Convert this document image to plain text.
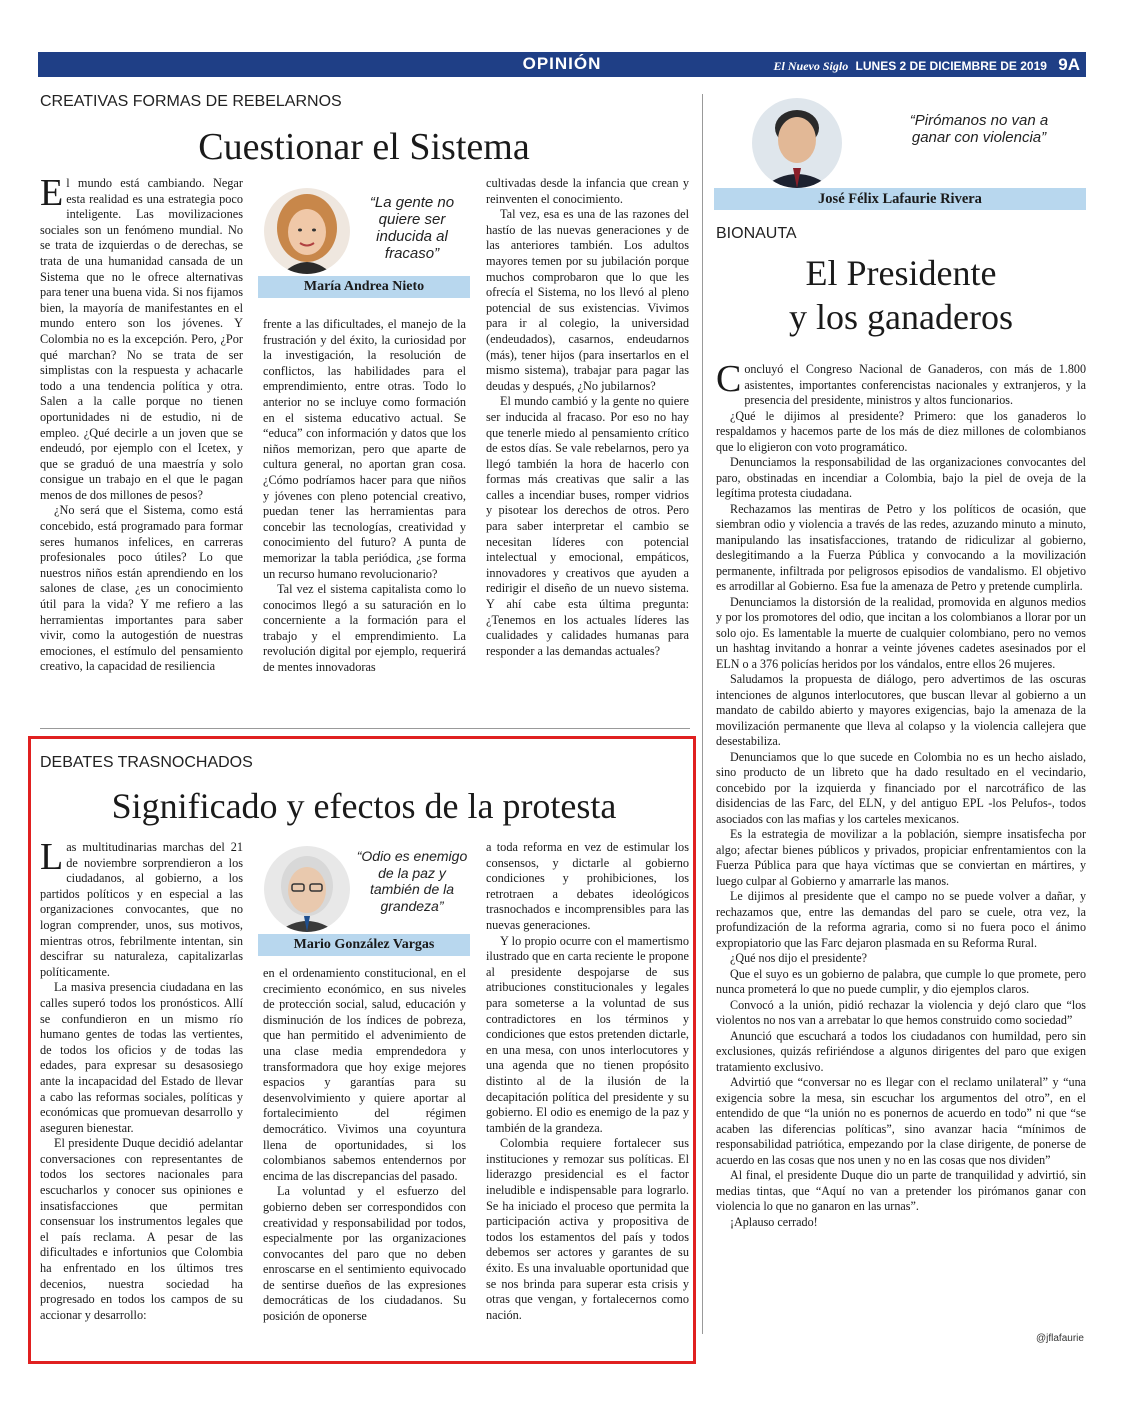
OPINIÓN	El Nuevo Siglo LUNES 2 DE DICIEMBRE DE 2019 9A
CREATIVAS FORMAS DE REBELARNOS
Cuestionar el Sistema

El mundo está cambiando. Negar esta realidad es una estrategia poco inteligente. Las movilizaciones sociales son un fenómeno mundial. No se trata de izquierdas o de derechas, se trata de una humanidad cansada de un Sistema que no le ofrece alternativas para tener una buena vida. Si nos fijamos bien, la mayoría de manifestantes en el mundo entero son los jóvenes. Y Colombia no es la excepción. Pero, ¿Por qué marchan? No se trata de ser simplistas con la respuesta y achacarle todo a una tendencia política y otra. Salen a la calle porque no tienen oportunidades ni de estudio, ni de empleo. ¿Qué decirle a un joven que se endeudó, por ejemplo con el Icetex, y que se graduó de una maestría y solo consigue un trabajo en el que le pagan menos de dos millones de pesos?

¿No será que el Sistema, como está concebido, está programado para formar seres humanos infelices, en carreras profesionales poco útiles? Lo que nuestros niños están aprendiendo en los salones de clase, ¿es un conocimiento útil para la vida? Y me refiero a las herramientas importantes para saber vivir, como la autogestión de nuestras emociones, el estímulo del pensamiento creativo, la capacidad de resiliencia

“La gente no quiere ser inducida al fracaso”
María Andrea Nieto

frente a las dificultades, el manejo de la frustración y del éxito, la curiosidad por la investigación, la resolución de conflictos, las habilidades para el emprendimiento, entre otras. Todo lo anterior no se incluye como formación en el sistema educativo actual. Se “educa” con información y datos que los niños memorizan, pero que aparte de cultura general, no aportan gran cosa. ¿Cómo podríamos hacer para que niños y jóvenes con pleno potencial creativo, puedan tener las herramientas para concebir las tecnologías, creatividad y conocimiento del futuro? A punta de memorizar la tabla periódica, ¿se forma un recurso humano revolucionario?

Tal vez el sistema capitalista como lo conocimos llegó a su saturación en lo concerniente a la formación para el trabajo y el emprendimiento. La revolución digital por ejemplo, requerirá de mentes innovadoras

cultivadas desde la infancia que crean y reinventen el conocimiento.

Tal vez, esa es una de las razones del hastío de las nuevas generaciones y de las anteriores también. Los adultos mayores temen por su jubilación porque muchos comprobaron que lo que les ofrecía el Sistema, no los llevó al pleno potencial de sus existencias. Vivimos para ir al colegio, la universidad (endeudados), casarnos, endeudarnos (más), tener hijos (para insertarlos en el mismo sistema), trabajar para pagar las deudas y después, ¿No jubilarnos?

El mundo cambió y la gente no quiere ser inducida al fracaso. Por eso no hay que tenerle miedo al pensamiento crítico de estos días. Se vale rebelarnos, pero ya llegó también la hora de hacerlo con formas más creativas que salir a las calles a incendiar buses, romper vidrios y pisotear los derechos de otros. Pero para saber interpretar el cambio se necesitan líderes con potencial intelectual y emocional, empáticos, innovadores y creativos que ayuden a redirigir el diseño de un nuevo sistema. Y ahí cabe esta última pregunta: ¿Tenemos en los actuales líderes las cualidades y calidades humanas para responder a las demandas actuales?

DEBATES TRASNOCHADOS
Significado y efectos de la protesta

Las multitudinarias marchas del 21 de noviembre sorprendieron a los ciudadanos, al gobierno, a los partidos políticos y en especial a las organizaciones convocantes, que no logran comprender, unos, sus motivos, mientras otros, febrilmente intentan, sin descifrar su naturaleza, capitalizarlas políticamente.

La masiva presencia ciudadana en las calles superó todos los pronósticos. Allí se confundieron en un mismo río humano gentes de todas las vertientes, de todos los oficios y de todas las edades, para expresar su desasosiego ante la incapacidad del Estado de llevar a cabo las reformas sociales, políticas y económicas que promuevan desarrollo y aseguren bienestar.

El presidente Duque decidió adelantar conversaciones con representantes de todos los sectores nacionales para escucharlos y conocer sus opiniones e insatisfacciones que permitan consensuar los instrumentos legales que el país reclama. A pesar de las dificultades e infortunios que Colombia ha enfrentado en los últimos tres decenios, nuestra sociedad ha progresado en todos los campos de su accionar y desarrollo:

“Odio es enemigo de la paz y también de la grandeza”
Mario González Vargas

en el ordenamiento constitucional, en el crecimiento económico, en sus niveles de protección social, salud, educación y disminución de los índices de pobreza, que han permitido el advenimiento de una clase media emprendedora y transformadora que hoy exige mejores espacios y garantías para su desenvolvimiento y quiere aportar al fortalecimiento del régimen democrático. Vivimos una coyuntura llena de oportunidades, si los colombianos sabemos entendernos por encima de las discrepancias del pasado.

La voluntad y el esfuerzo del gobierno deben ser correspondidos con creatividad y responsabilidad por todos, especialmente por las organizaciones convocantes del paro que no deben enroscarse en el sentimiento equivocado de sentirse dueños de las expresiones democráticas de los ciudadanos. Su posición de oponerse

a toda reforma en vez de estimular los consensos, y dictarle al gobierno condiciones y prohibiciones, los retrotraen a debates ideológicos trasnochados e incomprensibles para las nuevas generaciones.

Y lo propio ocurre con el mamertismo ilustrado que en carta reciente le propone al presidente despojarse de sus atribuciones constitucionales y legales para someterse a la voluntad de sus contradictores en los términos y condiciones que estos pretenden dictarle, en una mesa, con unos interlocutores y una agenda que no tienen propósito distinto al de la ilusión de la decapitación política del presidente y su gobierno. El odio es enemigo de la paz y también de la grandeza.

Colombia requiere fortalecer sus instituciones y remozar sus políticas. El liderazgo presidencial es el factor ineludible e indispensable para lograrlo. Se ha iniciado el proceso que permita la participación activa y propositiva de todos los estamentos del país y todos debemos ser actores y garantes de su éxito. Es una invaluable oportunidad que se nos brinda para superar esta crisis y otras que vengan, y fortalecernos como nación.

“Pirómanos no van a ganar con violencia”
José Félix Lafaurie Rivera
BIONAUTA
El Presidente
y los ganaderos

Concluyó el Congreso Nacional de Ganaderos, con más de 1.800 asistentes, importantes conferencistas nacionales y extranjeros, y la presencia del presidente, ministros y altos funcionarios.

¿Qué le dijimos al presidente? Primero: que los ganaderos lo respaldamos y hacemos parte de los más de diez millones de colombianos que lo eligieron con voto programático.

Denunciamos la responsabilidad de las organizaciones convocantes del paro, obstinadas en incendiar a Colombia, bajo la piel de oveja de la legítima protesta ciudadana.

Rechazamos las mentiras de Petro y los políticos de ocasión, que siembran odio y violencia a través de las redes, azuzando minuto a minuto, manipulando las insatisfacciones, tratando de ridiculizar al gobierno, deslegitimando a la Fuerza Pública y convocando a la movilización permanente, infiltrada por peligrosos episodios de vandalismo. El objetivo es arrodillar al Gobierno. Esa fue la amenaza de Petro y pretende cumplirla.

Denunciamos la distorsión de la realidad, promovida en algunos medios y por los promotores del odio, que incitan a los colombianos a llorar por un solo ojo. Es lamentable la muerte de cualquier colombiano, pero no vemos un hashtag invitando a honrar a veinte jóvenes cadetes asesinados por el ELN o a 376 policías heridos por los vándalos, entre ellos 26 mujeres.

Saludamos la propuesta de diálogo, pero advertimos de las oscuras intenciones de algunos interlocutores, que buscan llevar al gobierno a un mandato de cabildo abierto y mayores exigencias, bajo la amenaza de la movilización permanente que lleva al colapso y la violencia callejera que desestabiliza.

Denunciamos que lo que sucede en Colombia no es un hecho aislado, sino producto de un libreto que ha dado resultado en el vecindario, concebido por la izquierda y financiado por el narcotráfico de las disidencias de las Farc, del ELN, y del antiguo EPL -los Pelufos-, todos asociados con las mafias y los carteles mexicanos.

Es la estrategia de movilizar a la población, siempre insatisfecha por algo; afectar bienes públicos y privados, propiciar enfrentamientos con la Fuerza Pública para que haya víctimas que se conviertan en mártires, y luego culpar al Gobierno y amarrarle las manos.

Le dijimos al presidente que el campo no se puede volver a dañar, y rechazamos que, entre las demandas del paro se cuele, otra vez, la profundización de la reforma agraria, como si no fuera poco el ánimo expropiatorio que las Farc dejaron plasmada en su Reforma Rural.

¿Qué nos dijo el presidente?

Que el suyo es un gobierno de palabra, que cumple lo que promete, pero nunca prometerá lo que no puede cumplir, y dio ejemplos claros.

Convocó a la unión, pidió rechazar la violencia y dejó claro que “los violentos no nos van a arrebatar lo que hemos construido como sociedad”

Anunció que escuchará a todos los ciudadanos con humildad, pero sin exclusiones, quizás refiriéndose a algunos dirigentes del paro que exigen tratamiento exclusivo.

Advirtió que “conversar no es llegar con el reclamo unilateral” y “una exigencia sobre la mesa, sin escuchar los argumentos del otro”, en el entendido de que “la unión no es ponernos de acuerdo en todo” ni que “se acaben las diferencias políticas”, sino avanzar hacia “mínimos de responsabilidad patriótica, empezando por la clase dirigente, de ponerse de acuerdo en las cosas que nos unen y no en las cosas que nos dividen”

Al final, el presidente Duque dio un parte de tranquilidad y advirtió, sin medias tintas, que “Aquí no van a pretender los pirómanos ganar con violencia lo que no ganaron en las urnas”.

¡Aplauso cerrado!

@jflafaurie
